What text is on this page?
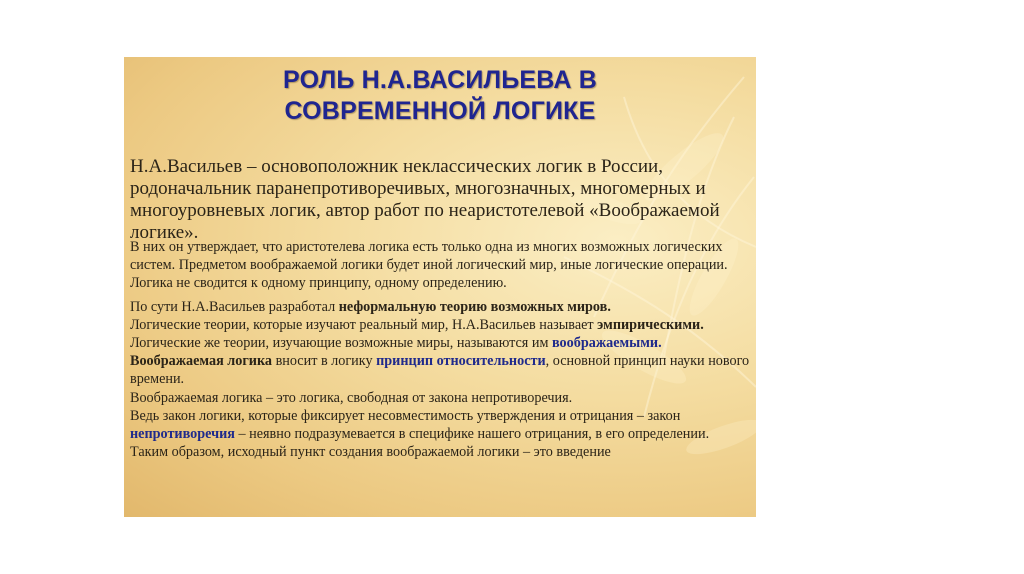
РОЛЬ Н.А.ВАСИЛЬЕВА В
СОВРЕМЕННОЙ ЛОГИКЕ

Н.А.Васильев – основоположник неклассических логик в России, родоначальник паранепротиворечивых, многозначных, многомерных и многоуровневых логик, автор работ по неаристотелевой «Воображаемой логике».

В них он утверждает, что аристотелева логика есть только одна из многих возможных логических систем. Предметом воображаемой логики будет иной логический мир, иные логические операции.

Логика не сводится к одному принципу, одному определению.

По сути Н.А.Васильев разработал неформальную теорию возможных миров.

Логические теории, которые изучают реальный мир, Н.А.Васильев называет эмпирическими. Логические же теории, изучающие возможные миры, называются им воображаемыми.

Воображаемая логика вносит в логику принцип относительности, основной принцип науки нового времени.

Воображаемая логика – это логика, свободная от закона непротиворечия.

Ведь закон логики, которые фиксирует несовместимость утверждения и отрицания – закон непротиворечия – неявно подразумевается в специфике нашего отрицания, в его определении.

Таким образом, исходный пункт создания воображаемой логики – это введение
